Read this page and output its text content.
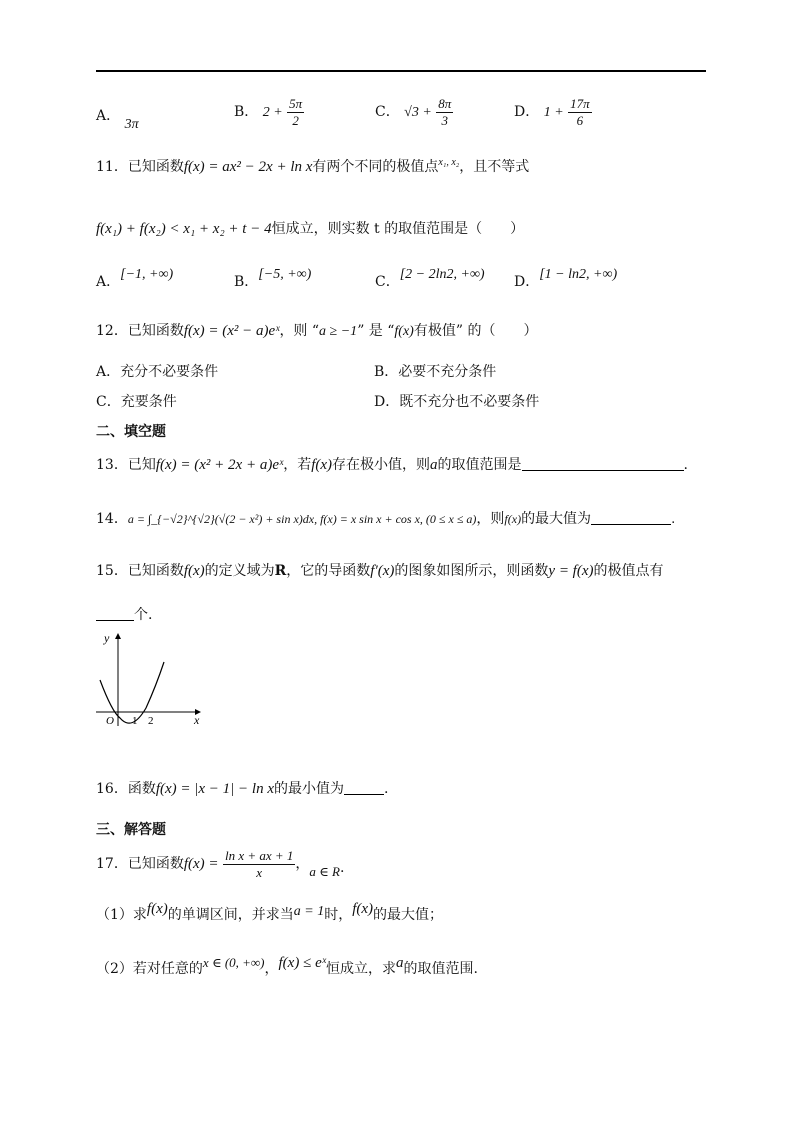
A． 3π
B． $2 + \frac{5\pi}{2}$	C． $√3 + \frac{8\pi}{3}$	D． $1 + \frac{17\pi}{6}$
11．已知函数f(x) = ax² − 2x + ln x有两个不同的极值点$^{x_1, x_2}$，且不等式
f(x₁) + f(x₂) < x₁ + x₂ + t − 4恒成立，则实数 t 的取值范围是（　　）
A．[−1, +∞)	B．[−5, +∞)	C．[2 − 2ln2, +∞) D．[1 − ln2, +∞)
12．已知函数f(x) = (x² − a)eˣ，则 “a ≥ −1” 是 “f(x)有极值” 的（　　）
A．充分不必要条件	B．必要不充分条件
C．充要条件	D．既不充分也不必要条件
二、填空题
13．已知f(x) = (x² + 2x + a)eˣ，若f(x)存在极小值，则a的取值范围是	.
14．a = ∫_{−√2}^{√2}(√(2 − x²) + sin x)dx, f(x) = x sin x + cos x, (0 ≤ x ≤ a)，则f(x)的最大值为	.
15．已知函数f(x)的定义域为R，它的导函数f′(x)的图象如图所示，则函数y = f(x)的极值点有
个.
y
x
O 1 2
16．函数f(x) = |x − 1| − ln x的最小值为	.
三、解答题
17．已知函数$f(x) = \frac{\text{ln x + ax + 1}}{x}$ ，a ∈ R.
（1）求f(x)的单调区间，并求当a = 1时，f(x)的最大值；
（2）若对任意的x ∈ (0, +∞)，f(x) ≤ eˣ恒成立，求a的取值范围.
